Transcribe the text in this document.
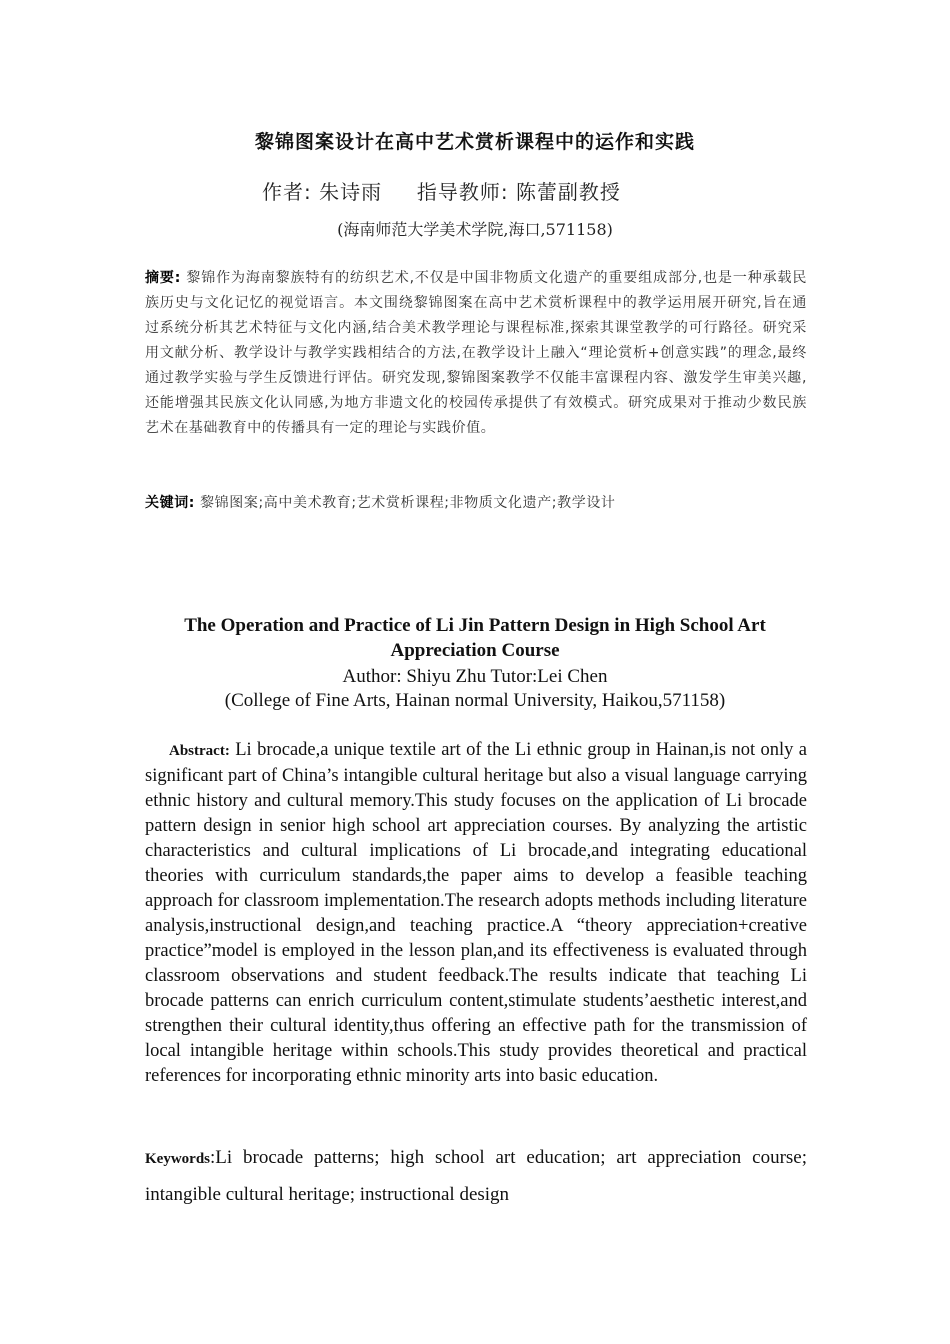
黎锦图案设计在高中艺术赏析课程中的运作和实践
作者: 朱诗雨 指导教师: 陈蕾副教授
(海南师范大学美术学院,海口,571158)
摘要: 黎锦作为海南黎族特有的纺织艺术,不仅是中国非物质文化遗产的重要组成部分,也是一种承载民族历史与文化记忆的视觉语言。本文围绕黎锦图案在高中艺术赏析课程中的教学运用展开研究,旨在通过系统分析其艺术特征与文化内涵,结合美术教学理论与课程标准,探索其课堂教学的可行路径。研究采用文献分析、教学设计与教学实践相结合的方法,在教学设计上融入“理论赏析+创意实践”的理念,最终通过教学实验与学生反馈进行评估。研究发现,黎锦图案教学不仅能丰富课程内容、激发学生审美兴趣,还能增强其民族文化认同感,为地方非遗文化的校园传承提供了有效模式。研究成果对于推动少数民族艺术在基础教育中的传播具有一定的理论与实践价值。
关键词: 黎锦图案;高中美术教育;艺术赏析课程;非物质文化遗产;教学设计
The Operation and Practice of Li Jin Pattern Design in High School Art Appreciation Course
Author: Shiyu Zhu Tutor:Lei Chen
(College of Fine Arts, Hainan normal University, Haikou,571158)
Abstract: Li brocade,a unique textile art of the Li ethnic group in Hainan,is not only a significant part of China’s intangible cultural heritage but also a visual language carrying ethnic history and cultural memory.This study focuses on the application of Li brocade pattern design in senior high school art appreciation courses. By analyzing the artistic characteristics and cultural implications of Li brocade,and integrating educational theories with curriculum standards,the paper aims to develop a feasible teaching approach for classroom implementation.The research adopts methods including literature analysis,instructional design,and teaching practice.A “theory appreciation+creative practice”model is employed in the lesson plan,and its effectiveness is evaluated through classroom observations and student feedback.The results indicate that teaching Li brocade patterns can enrich curriculum content,stimulate students’aesthetic interest,and strengthen their cultural identity,thus offering an effective path for the transmission of local intangible heritage within schools.This study provides theoretical and practical references for incorporating ethnic minority arts into basic education.
Keywords:Li brocade patterns; high school art education; art appreciation course; intangible cultural heritage; instructional design
